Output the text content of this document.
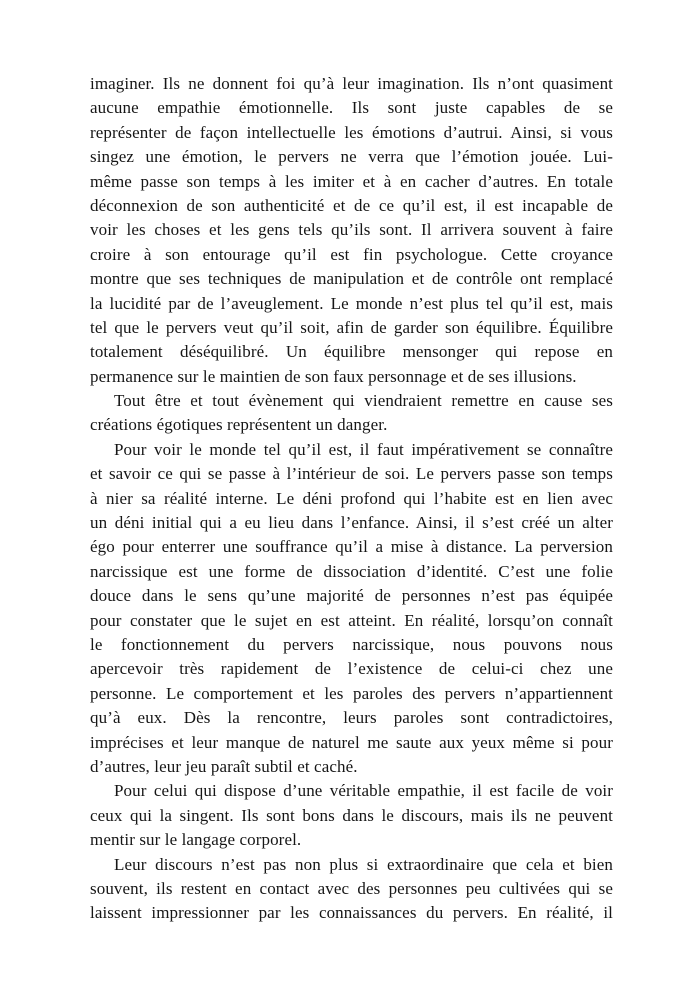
imaginer. Ils ne donnent foi qu’à leur imagination. Ils n’ont quasiment
aucune empathie émotionnelle. Ils sont juste capables de se
représenter de façon intellectuelle les émotions d’autrui. Ainsi, si vous
singez une émotion, le pervers ne verra que l’émotion jouée. Lui-
même passe son temps à les imiter et à en cacher d’autres. En totale
déconnexion de son authenticité et de ce qu’il est, il est incapable de
voir les choses et les gens tels qu’ils sont. Il arrivera souvent à faire
croire à son entourage qu’il est fin psychologue. Cette croyance
montre que ses techniques de manipulation et de contrôle ont remplacé
la lucidité par de l’aveuglement. Le monde n’est plus tel qu’il est, mais
tel que le pervers veut qu’il soit, afin de garder son équilibre. Équilibre
totalement déséquilibré. Un équilibre mensonger qui repose en
permanence sur le maintien de son faux personnage et de ses illusions.
Tout être et tout évènement qui viendraient remettre en cause ses
créations égotiques représentent un danger.
Pour voir le monde tel qu’il est, il faut impérativement se connaître
et savoir ce qui se passe à l’intérieur de soi. Le pervers passe son temps
à nier sa réalité interne. Le déni profond qui l’habite est en lien avec
un déni initial qui a eu lieu dans l’enfance. Ainsi, il s’est créé un alter
égo pour enterrer une souffrance qu’il a mise à distance. La perversion
narcissique est une forme de dissociation d’identité. C’est une folie
douce dans le sens qu’une majorité de personnes n’est pas équipée
pour constater que le sujet en est atteint. En réalité, lorsqu’on connaît
le fonctionnement du pervers narcissique, nous pouvons nous
apercevoir très rapidement de l’existence de celui-ci chez une
personne. Le comportement et les paroles des pervers n’appartiennent
qu’à eux. Dès la rencontre, leurs paroles sont contradictoires,
imprécises et leur manque de naturel me saute aux yeux même si pour
d’autres, leur jeu paraît subtil et caché.
Pour celui qui dispose d’une véritable empathie, il est facile de voir
ceux qui la singent. Ils sont bons dans le discours, mais ils ne peuvent
mentir sur le langage corporel.
Leur discours n’est pas non plus si extraordinaire que cela et bien
souvent, ils restent en contact avec des personnes peu cultivées qui se
laissent impressionner par les connaissances du pervers. En réalité, il
